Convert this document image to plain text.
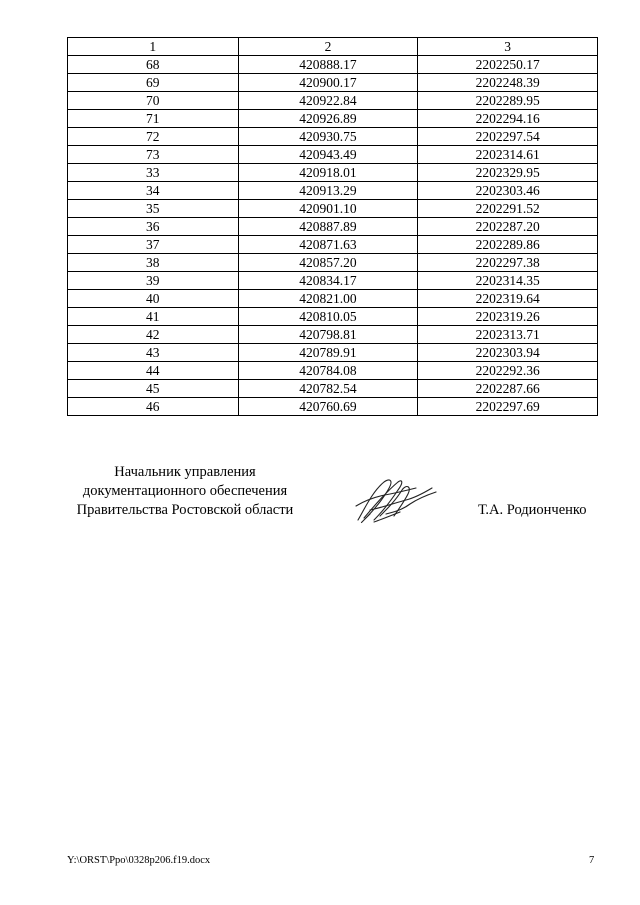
1	2	3
68	420888.17	2202250.17
69	420900.17	2202248.39
70	420922.84	2202289.95
71	420926.89	2202294.16
72	420930.75	2202297.54
73	420943.49	2202314.61
33	420918.01	2202329.95
34	420913.29	2202303.46
35	420901.10	2202291.52
36	420887.89	2202287.20
37	420871.63	2202289.86
38	420857.20	2202297.38
39	420834.17	2202314.35
40	420821.00	2202319.64
41	420810.05	2202319.26
42	420798.81	2202313.71
43	420789.91	2202303.94
44	420784.08	2202292.36
45	420782.54	2202287.66
46	420760.69	2202297.69
Начальник управления
документационного обеспечения
Правительства Ростовской области	Т.А. Родионченко
Y:\ORST\Ppo\0328p206.f19.docx	7
